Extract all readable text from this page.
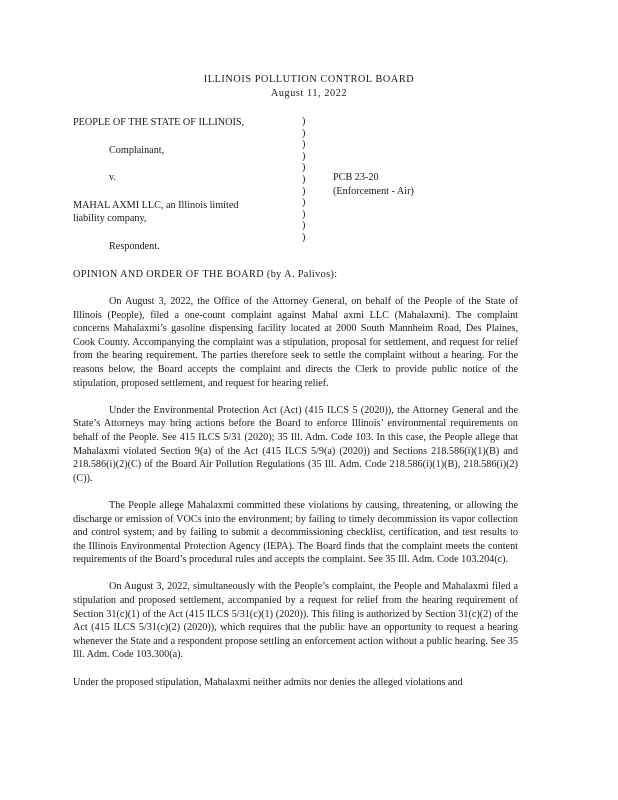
ILLINOIS POLLUTION CONTROL BOARD
August 11, 2022
PEOPLE OF THE STATE OF ILLINOIS,
Complainant,
v.
MAHAL AXMI LLC, an Illinois limited
liability company,
Respondent.
)
)
)
)
)
)
)
)
)
)
)
PCB 23-20
(Enforcement - Air)
OPINION AND ORDER OF THE BOARD (by A. Palivos):

On August 3, 2022, the Office of the Attorney General, on behalf of the People of the State of Illinois (People), filed a one-count complaint against Mahal axmi LLC (Mahalaxmi). The complaint concerns Mahalaxmi’s gasoline dispensing facility located at 2000 South Mannheim Road, Des Plaines, Cook County. Accompanying the complaint was a stipulation, proposal for settlement, and request for relief from the hearing requirement. The parties therefore seek to settle the complaint without a hearing. For the reasons below, the Board accepts the complaint and directs the Clerk to provide public notice of the stipulation, proposed settlement, and request for hearing relief.

Under the Environmental Protection Act (Act) (415 ILCS 5 (2020)), the Attorney General and the State’s Attorneys may bring actions before the Board to enforce Illinois’ environmental requirements on behalf of the People. See 415 ILCS 5/31 (2020); 35 Ill. Adm. Code 103. In this case, the People allege that Mahalaxmi violated Section 9(a) of the Act (415 ILCS 5/9(a) (2020)) and Sections 218.586(i)(1)(B) and 218.586(i)(2)(C) of the Board Air Pollution Regulations (35 Ill. Adm. Code 218.586(i)(1)(B), 218.586(i)(2)(C)).

The People allege Mahalaxmi committed these violations by causing, threatening, or allowing the discharge or emission of VOCs into the environment; by failing to timely decommission its vapor collection and control system; and by failing to submit a decommissioning checklist, certification, and test results to the Illinois Environmental Protection Agency (IEPA). The Board finds that the complaint meets the content requirements of the Board’s procedural rules and accepts the complaint. See 35 Ill. Adm. Code 103.204(c).

On August 3, 2022, simultaneously with the People’s complaint, the People and Mahalaxmi filed a stipulation and proposed settlement, accompanied by a request for relief from the hearing requirement of Section 31(c)(1) of the Act (415 ILCS 5/31(c)(1) (2020)). This filing is authorized by Section 31(c)(2) of the Act (415 ILCS 5/31(c)(2) (2020)), which requires that the public have an opportunity to request a hearing whenever the State and a respondent propose settling an enforcement action without a public hearing. See 35 Ill. Adm. Code 103.300(a).

Under the proposed stipulation, Mahalaxmi neither admits nor denies the alleged violations and
